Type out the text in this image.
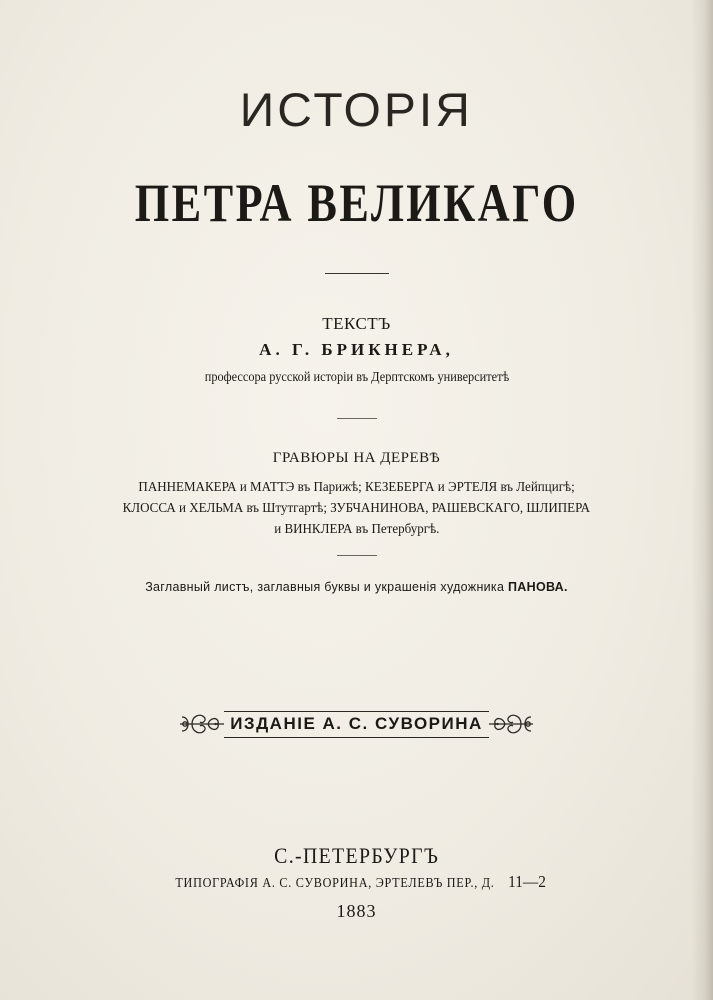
ИСТОРІЯ
ПЕТРА ВЕЛИКАГО
ТЕКСТЪ
А. Г. БРИКНЕРА,
профессора русской исторіи въ Дерптскомъ университетѣ
ГРАВЮРЫ НА ДЕРЕВѢ
ПАННЕМАКЕРА и МАТТЭ въ Парижѣ; КЕЗЕБЕРГА и ЭРТЕЛЯ въ Лейпцигѣ;
КЛОССА и ХЕЛЬМА въ Штутгартѣ; ЗУБЧАНИНОВА, РАШЕВСКАГО, ШЛИПЕРА
и ВИНКЛЕРА въ Петербургѣ.
Заглавный листъ, заглавныя буквы и украшенія художника ПАНОВА.
ИЗДАНІЕ А. С. СУВОРИНА
С.-ПЕТЕРБУРГЪ
ТИПОГРАФІЯ А. С. СУВОРИНА, ЭРТЕЛЕВЪ ПЕР., Д. 11—2
1883
